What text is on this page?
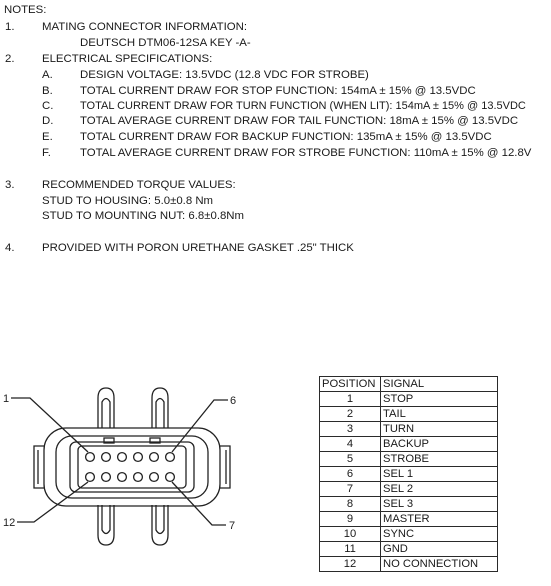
NOTES:
1. MATING CONNECTOR INFORMATION:
DEUTSCH DTM06-12SA KEY -A-
2. ELECTRICAL SPECIFICATIONS:
A. DESIGN VOLTAGE: 13.5VDC (12.8 VDC FOR STROBE)
B. TOTAL CURRENT DRAW FOR STOP FUNCTION: 154mA ± 15% @ 13.5VDC
C. TOTAL CURRENT DRAW FOR TURN FUNCTION (WHEN LIT): 154mA ± 15% @ 13.5VDC
D. TOTAL AVERAGE CURRENT DRAW FOR TAIL FUNCTION: 18mA ± 15% @ 13.5VDC
E. TOTAL CURRENT DRAW FOR BACKUP FUNCTION: 135mA ± 15% @ 13.5VDC
F.	TOTAL AVERAGE CURRENT DRAW FOR STROBE FUNCTION: 110mA ± 15% @ 12.8V
3. RECOMMENDED TORQUE VALUES:
STUD TO HOUSING: 5.0±0.8 Nm
STUD TO MOUNTING NUT: 6.8±0.8Nm
4. PROVIDED WITH PORON URETHANE GASKET .25" THICK
1	6
12	7
POSITION	SIGNAL
1	STOP
2	TAIL
3	TURN
4	BACKUP
5	STROBE
6	SEL 1
7	SEL 2
8	SEL 3
9	MASTER
10	SYNC
11	GND
12	NO CONNECTION
